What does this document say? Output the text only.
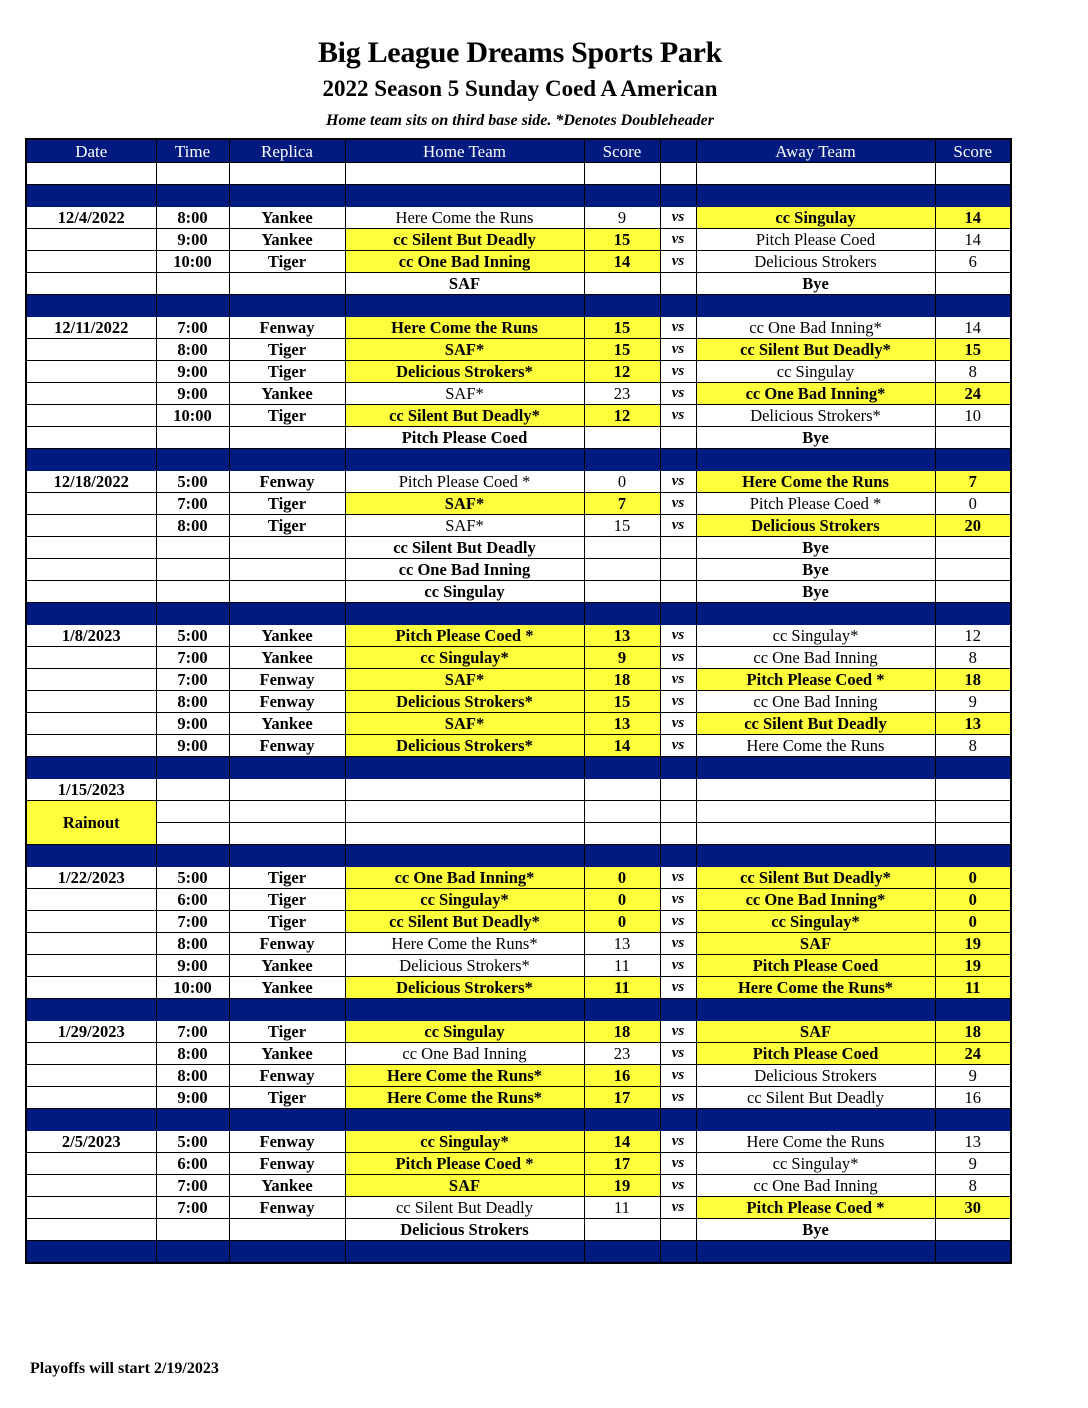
Big League Dreams Sports Park
2022 Season 5 Sunday Coed A American
Home team sits on third base side. *Denotes Doubleheader
Date	Time	Replica	Home Team	Score		Away Team	Score

12/4/2022	8:00	Yankee	Here Come the Runs	9	vs	cc Singulay	14
	9:00	Yankee	cc Silent But Deadly	15	vs	Pitch Please Coed	14
	10:00	Tiger	cc One Bad Inning	14	vs	Delicious Strokers	6
			SAF			Bye	

12/11/2022	7:00	Fenway	Here Come the Runs	15	vs	cc One Bad Inning*	14
	8:00	Tiger	SAF*	15	vs	cc Silent But Deadly*	15
	9:00	Tiger	Delicious Strokers*	12	vs	cc Singulay	8
	9:00	Yankee	SAF*	23	vs	cc One Bad Inning*	24
	10:00	Tiger	cc Silent But Deadly*	12	vs	Delicious Strokers*	10
			Pitch Please Coed			Bye	

12/18/2022	5:00	Fenway	Pitch Please Coed *	0	vs	Here Come the Runs	7
	7:00	Tiger	SAF*	7	vs	Pitch Please Coed *	0
	8:00	Tiger	SAF*	15	vs	Delicious Strokers	20
			cc Silent But Deadly			Bye	
			cc One Bad Inning			Bye	
			cc Singulay			Bye	

1/8/2023	5:00	Yankee	Pitch Please Coed *	13	vs	cc Singulay*	12
	7:00	Yankee	cc Singulay*	9	vs	cc One Bad Inning	8
	7:00	Fenway	SAF*	18	vs	Pitch Please Coed *	18
	8:00	Fenway	Delicious Strokers*	15	vs	cc One Bad Inning	9
	9:00	Yankee	SAF*	13	vs	cc Silent But Deadly	13
	9:00	Fenway	Delicious Strokers*	14	vs	Here Come the Runs	8

1/15/2023							
Rainout							

1/22/2023	5:00	Tiger	cc One Bad Inning*	0	vs	cc Silent But Deadly*	0
	6:00	Tiger	cc Singulay*	0	vs	cc One Bad Inning*	0
	7:00	Tiger	cc Silent But Deadly*	0	vs	cc Singulay*	0
	8:00	Fenway	Here Come the Runs*	13	vs	SAF	19
	9:00	Yankee	Delicious Strokers*	11	vs	Pitch Please Coed	19
	10:00	Yankee	Delicious Strokers*	11	vs	Here Come the Runs*	11

1/29/2023	7:00	Tiger	cc Singulay	18	vs	SAF	18
	8:00	Yankee	cc One Bad Inning	23	vs	Pitch Please Coed	24
	8:00	Fenway	Here Come the Runs*	16	vs	Delicious Strokers	9
	9:00	Tiger	Here Come the Runs*	17	vs	cc Silent But Deadly	16

2/5/2023	5:00	Fenway	cc Singulay*	14	vs	Here Come the Runs	13
	6:00	Fenway	Pitch Please Coed *	17	vs	cc Singulay*	9
	7:00	Yankee	SAF	19	vs	cc One Bad Inning	8
	7:00	Fenway	cc Silent But Deadly	11	vs	Pitch Please Coed *	30
			Delicious Strokers			Bye	

Playoffs will start 2/19/2023
